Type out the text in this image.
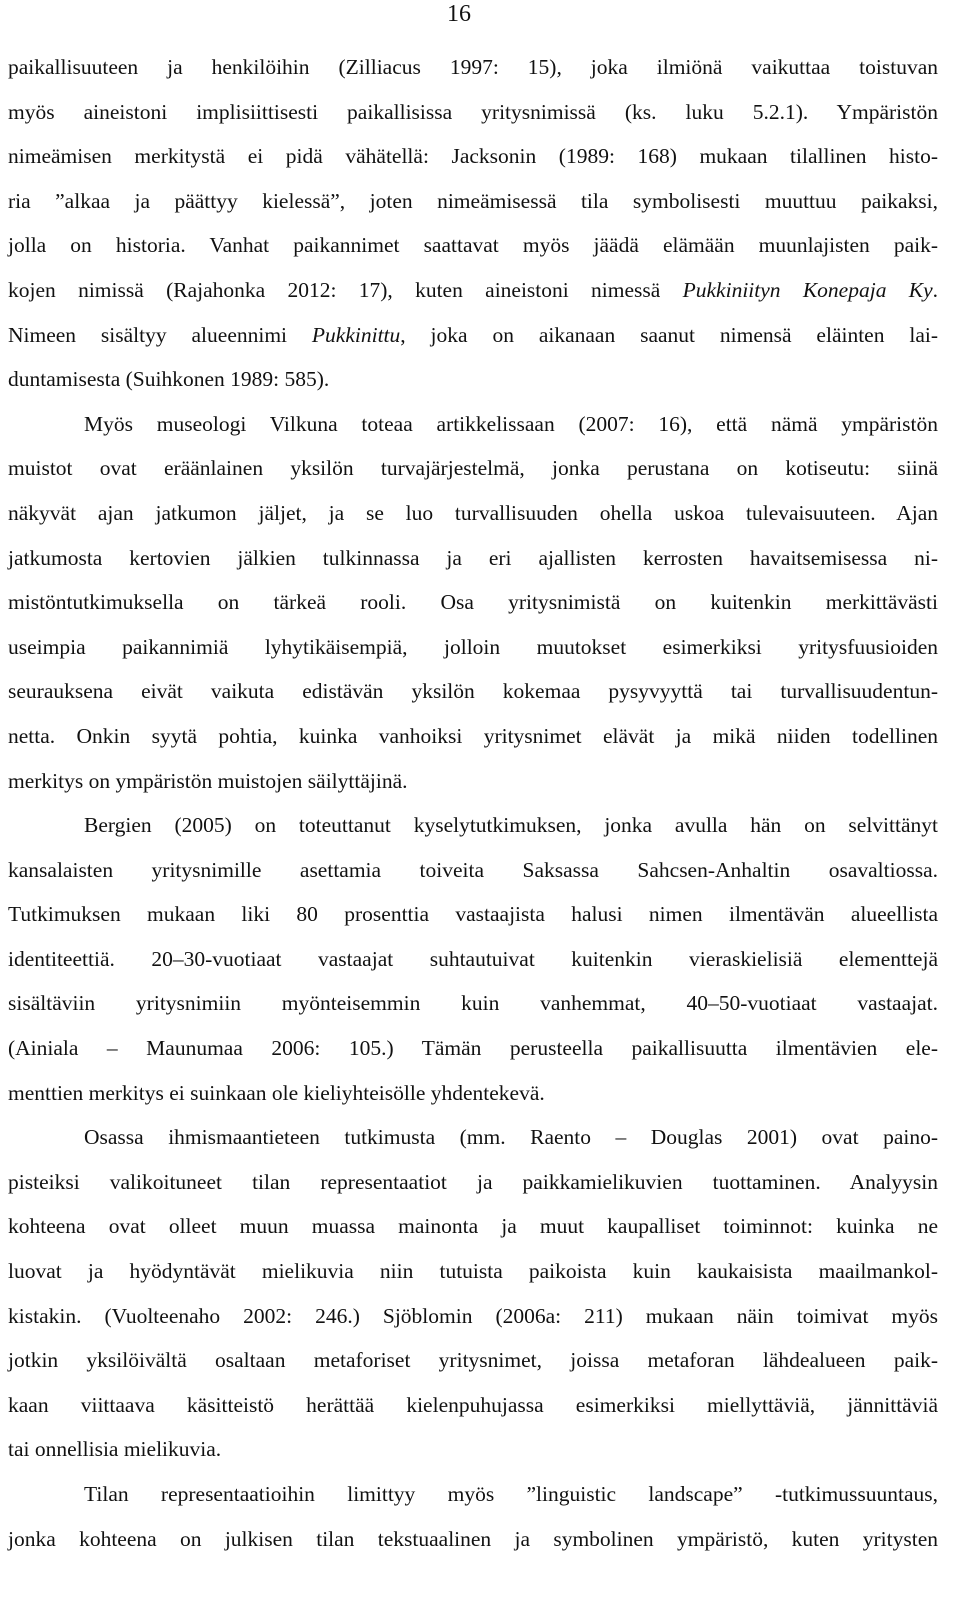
16
paikallisuuteen ja henkilöihin (Zilliacus 1997: 15), joka ilmiönä vaikuttaa toistuvan
myös aineistoni implisiittisesti paikallisissa yritysnimissä (ks. luku 5.2.1). Ympäristön
nimeämisen merkitystä ei pidä vähätellä: Jacksonin (1989: 168) mukaan tilallinen histo-
ria ”alkaa ja päättyy kielessä”, joten nimeämisessä tila symbolisesti muuttuu paikaksi,
jolla on historia. Vanhat paikannimet saattavat myös jäädä elämään muunlajisten paik-
kojen nimissä (Rajahonka 2012: 17), kuten aineistoni nimessä Pukkiniityn Konepaja Ky.
Nimeen sisältyy alueennimi Pukkinittu, joka on aikanaan saanut nimensä eläinten lai-
duntamisesta (Suihkonen 1989: 585).
Myös museologi Vilkuna toteaa artikkelissaan (2007: 16), että nämä ympäristön
muistot ovat eräänlainen yksilön turvajärjestelmä, jonka perustana on kotiseutu: siinä
näkyvät ajan jatkumon jäljet, ja se luo turvallisuuden ohella uskoa tulevaisuuteen. Ajan
jatkumosta kertovien jälkien tulkinnassa ja eri ajallisten kerrosten havaitsemisessa ni-
mistöntutkimuksella on tärkeä rooli. Osa yritysnimistä on kuitenkin merkittävästi
useimpia paikannimiä lyhytikäisempiä, jolloin muutokset esimerkiksi yritysfuusioiden
seurauksena eivät vaikuta edistävän yksilön kokemaa pysyvyyttä tai turvallisuudentun-
netta. Onkin syytä pohtia, kuinka vanhoiksi yritysnimet elävät ja mikä niiden todellinen
merkitys on ympäristön muistojen säilyttäjinä.
Bergien (2005) on toteuttanut kyselytutkimuksen, jonka avulla hän on selvittänyt
kansalaisten yritysnimille asettamia toiveita Saksassa Sahcsen-Anhaltin osavaltiossa.
Tutkimuksen mukaan liki 80 prosenttia vastaajista halusi nimen ilmentävän alueellista
identiteettiä. 20–30-vuotiaat vastaajat suhtautuivat kuitenkin vieraskielisiä elementtejä
sisältäviin yritysnimiin myönteisemmin kuin vanhemmat, 40–50-vuotiaat vastaajat.
(Ainiala – Maunumaa 2006: 105.) Tämän perusteella paikallisuutta ilmentävien ele-
menttien merkitys ei suinkaan ole kieliyhteisölle yhdentekevä.
Osassa ihmismaantieteen tutkimusta (mm. Raento – Douglas 2001) ovat paino-
pisteiksi valikoituneet tilan representaatiot ja paikkamielikuvien tuottaminen. Analyysin
kohteena ovat olleet muun muassa mainonta ja muut kaupalliset toiminnot: kuinka ne
luovat ja hyödyntävät mielikuvia niin tutuista paikoista kuin kaukaisista maailmankol-
kistakin. (Vuolteenaho 2002: 246.) Sjöblomin (2006a: 211) mukaan näin toimivat myös
jotkin yksilöivältä osaltaan metaforiset yritysnimet, joissa metaforan lähdealueen paik-
kaan viittaava käsitteistö herättää kielenpuhujassa esimerkiksi miellyttäviä, jännittäviä
tai onnellisia mielikuvia.
Tilan representaatioihin limittyy myös ”linguistic landscape” -tutkimussuuntaus,
jonka kohteena on julkisen tilan tekstuaalinen ja symbolinen ympäristö, kuten yritysten
